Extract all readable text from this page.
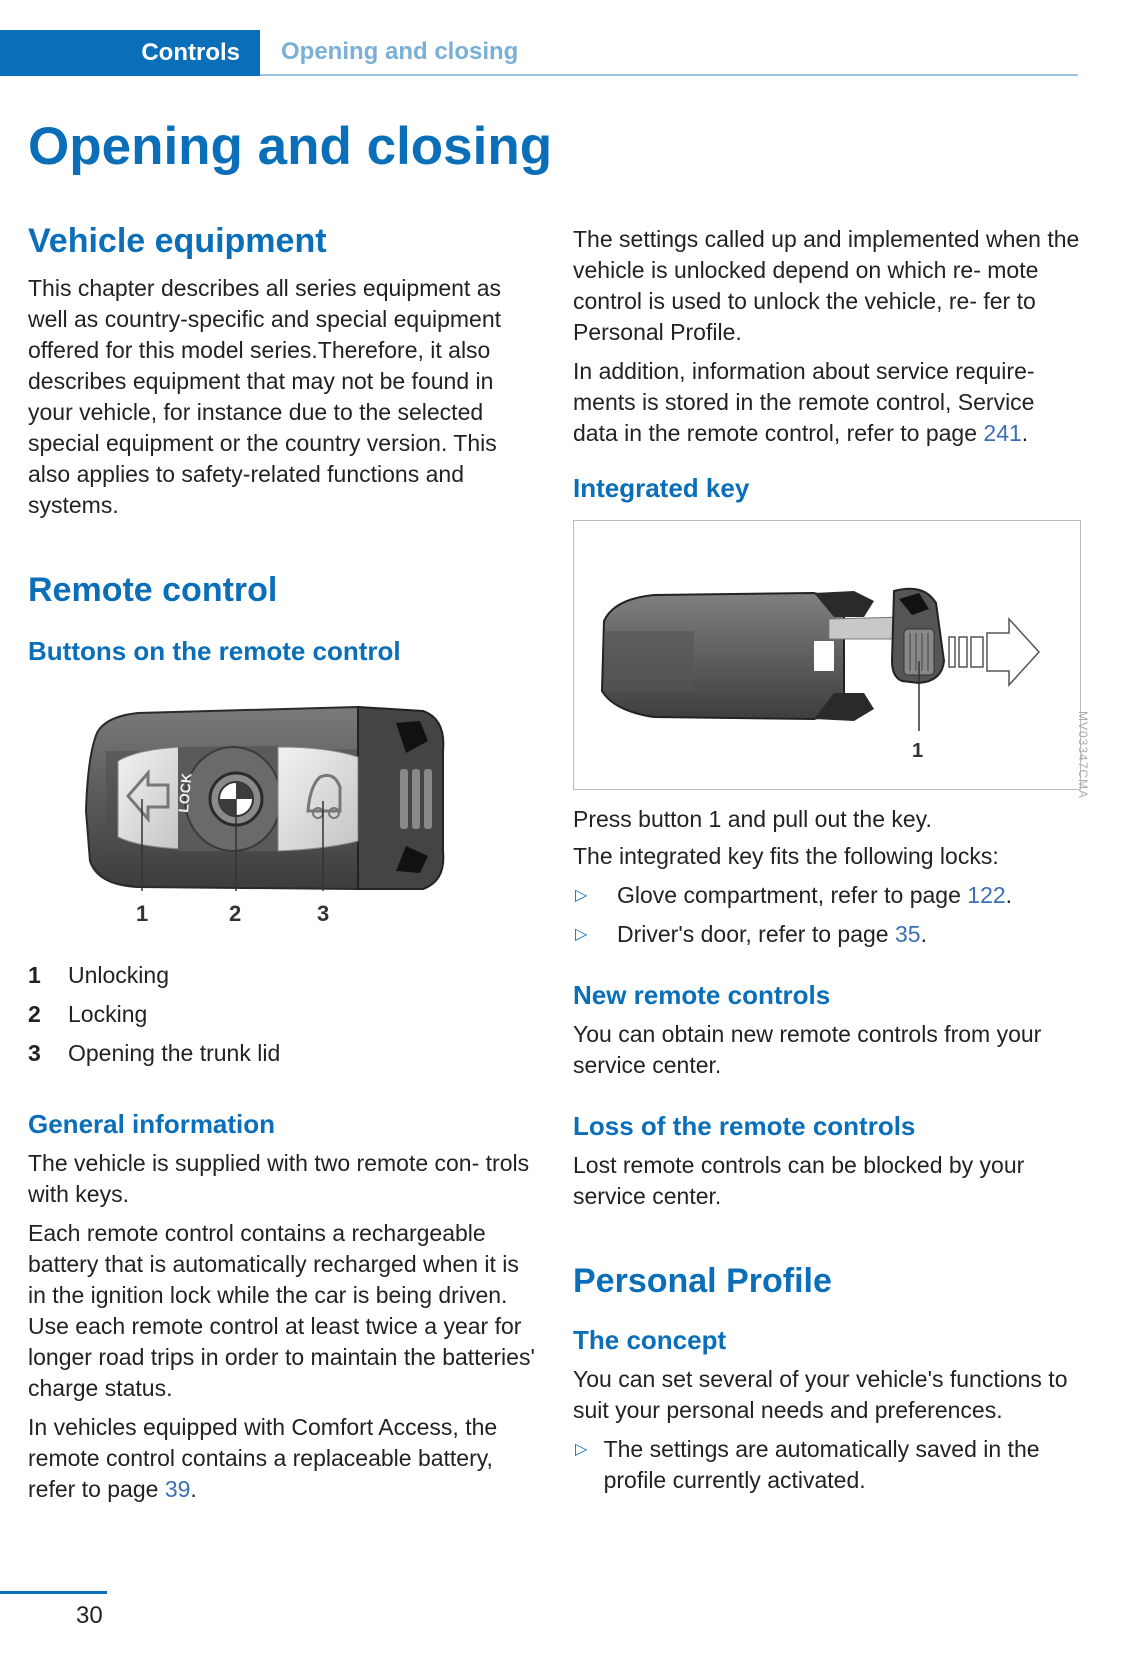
Controls Opening and closing
Opening and closing
Vehicle equipment

This chapter describes all series equipment as well as country-specific and special equipment offered for this model series.Therefore, it also describes equipment that may not be found in your vehicle, for instance due to the selected special equipment or the country version. This also applies to safety-related functions and systems.

Remote control
Buttons on the remote control
LOCK
1	2	3
1	Unlocking
2	Locking
3	Opening the trunk lid
General information

The vehicle is supplied with two remote con- trols with keys.

Each remote control contains a rechargeable battery that is automatically recharged when it is in the ignition lock while the car is being driven. Use each remote control at least twice a year for longer road trips in order to maintain the batteries' charge status.

In vehicles equipped with Comfort Access, the remote control contains a replaceable battery, refer to page 39.

The settings called up and implemented when the vehicle is unlocked depend on which re- mote control is used to unlock the vehicle, re- fer to Personal Profile.

In addition, information about service require- ments is stored in the remote control, Service data in the remote control, refer to page 241.

Integrated key
1	MV03347CMA

Press button 1 and pull out the key.

The integrated key fits the following locks:

▷	Glove compartment, refer to page 122.
▷	Driver's door, refer to page 35.
New remote controls

You can obtain new remote controls from your service center.

Loss of the remote controls

Lost remote controls can be blocked by your service center.

Personal Profile
The concept

You can set several of your vehicle's functions to suit your personal needs and preferences.

▷ The settings are automatically saved in the profile currently activated.
30
